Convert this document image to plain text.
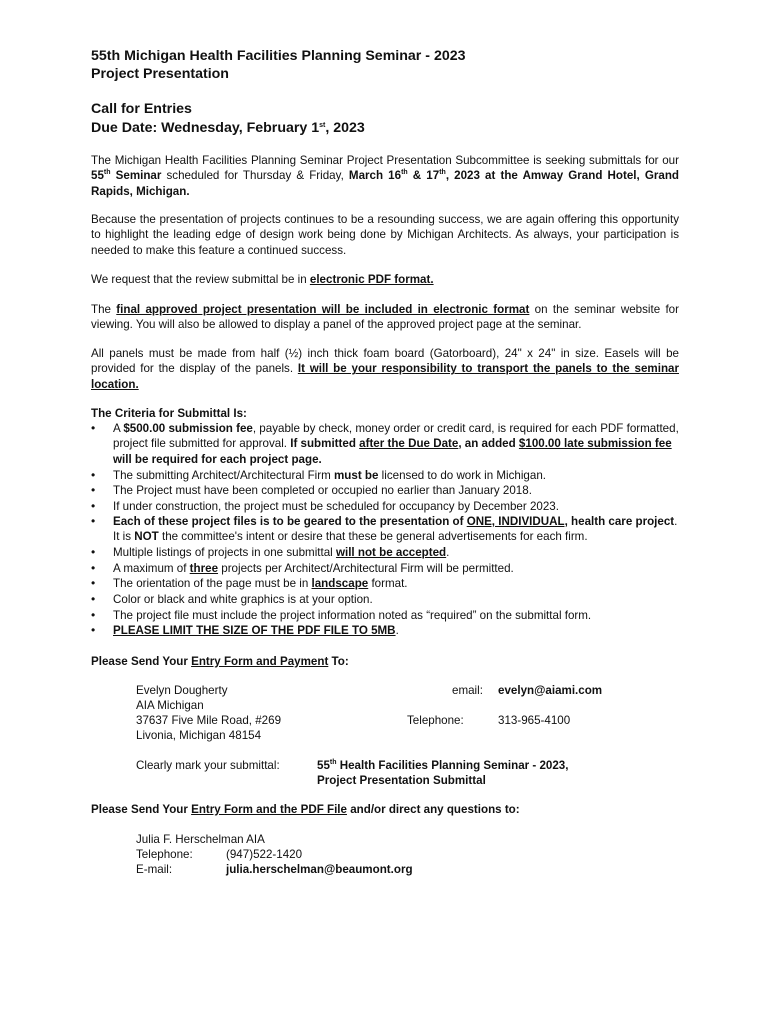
55th Michigan Health Facilities Planning Seminar - 2023
Project Presentation
Call for Entries
Due Date: Wednesday, February 1st, 2023
The Michigan Health Facilities Planning Seminar Project Presentation Subcommittee is seeking submittals for our 55th Seminar scheduled for Thursday & Friday, March 16th & 17th, 2023 at the Amway Grand Hotel, Grand Rapids, Michigan.
Because the presentation of projects continues to be a resounding success, we are again offering this opportunity to highlight the leading edge of design work being done by Michigan Architects. As always, your participation is needed to make this feature a continued success.
We request that the review submittal be in electronic PDF format.
The final approved project presentation will be included in electronic format on the seminar website for viewing. You will also be allowed to display a panel of the approved project page at the seminar.
All panels must be made from half (½) inch thick foam board (Gatorboard), 24" x 24" in size. Easels will be provided for the display of the panels. It will be your responsibility to transport the panels to the seminar location.
The Criteria for Submittal Is:
• A $500.00 submission fee, payable by check, money order or credit card, is required for each PDF formatted, project file submitted for approval. If submitted after the Due Date, an added $100.00 late submission fee will be required for each project page.
• The submitting Architect/Architectural Firm must be licensed to do work in Michigan.
• The Project must have been completed or occupied no earlier than January 2018.
• If under construction, the project must be scheduled for occupancy by December 2023.
• Each of these project files is to be geared to the presentation of ONE, INDIVIDUAL, health care project. It is NOT the committee's intent or desire that these be general advertisements for each firm.
• Multiple listings of projects in one submittal will not be accepted.
• A maximum of three projects per Architect/Architectural Firm will be permitted.
• The orientation of the page must be in landscape format.
• Color or black and white graphics is at your option.
• The project file must include the project information noted as “required” on the submittal form.
• PLEASE LIMIT THE SIZE OF THE PDF FILE TO 5MB.
Please Send Your Entry Form and Payment To:
Evelyn Dougherty
AIA Michigan
37637 Five Mile Road, #269
Livonia, Michigan 48154
email: evelyn@aiami.com
Telephone:	313-965-4100
Clearly mark your submittal:	55th Health Facilities Planning Seminar - 2023,
Project Presentation Submittal
Please Send Your Entry Form and the PDF File and/or direct any questions to:
Julia F. Herschelman AIA
Telephone:	(947)522-1420
E-mail:	julia.herschelman@beaumont.org
